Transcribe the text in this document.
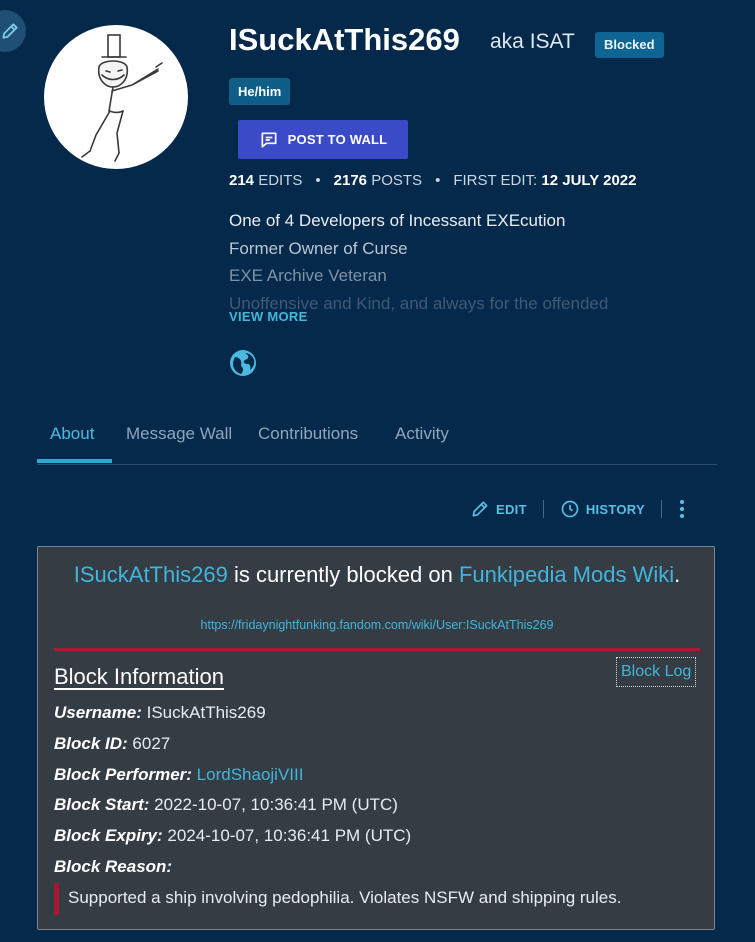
ISuckAtThis269 aka ISAT	Blocked
He/him
POST TO WALL
214 EDITS • 2176 POSTS • FIRST EDIT: 12 JULY 2022
One of 4 Developers of Incessant EXEcution
Former Owner of Curse
EXE Archive Veteran
Unoffensive and Kind, and always for the offended
VIEW MORE
About Message Wall Contributions Activity
EDIT	HISTORY
ISuckAtThis269 is currently blocked on Funkipedia Mods Wiki.
https://fridaynightfunking.fandom.com/wiki/User:ISuckAtThis269
Block Information	Block Log
Username: ISuckAtThis269
Block ID: 6027
Block Performer: LordShaojiVIII
Block Start: 2022-10-07, 10:36:41 PM (UTC)
Block Expiry: 2024-10-07, 10:36:41 PM (UTC)
Block Reason:
Supported a ship involving pedophilia. Violates NSFW and shipping rules.
